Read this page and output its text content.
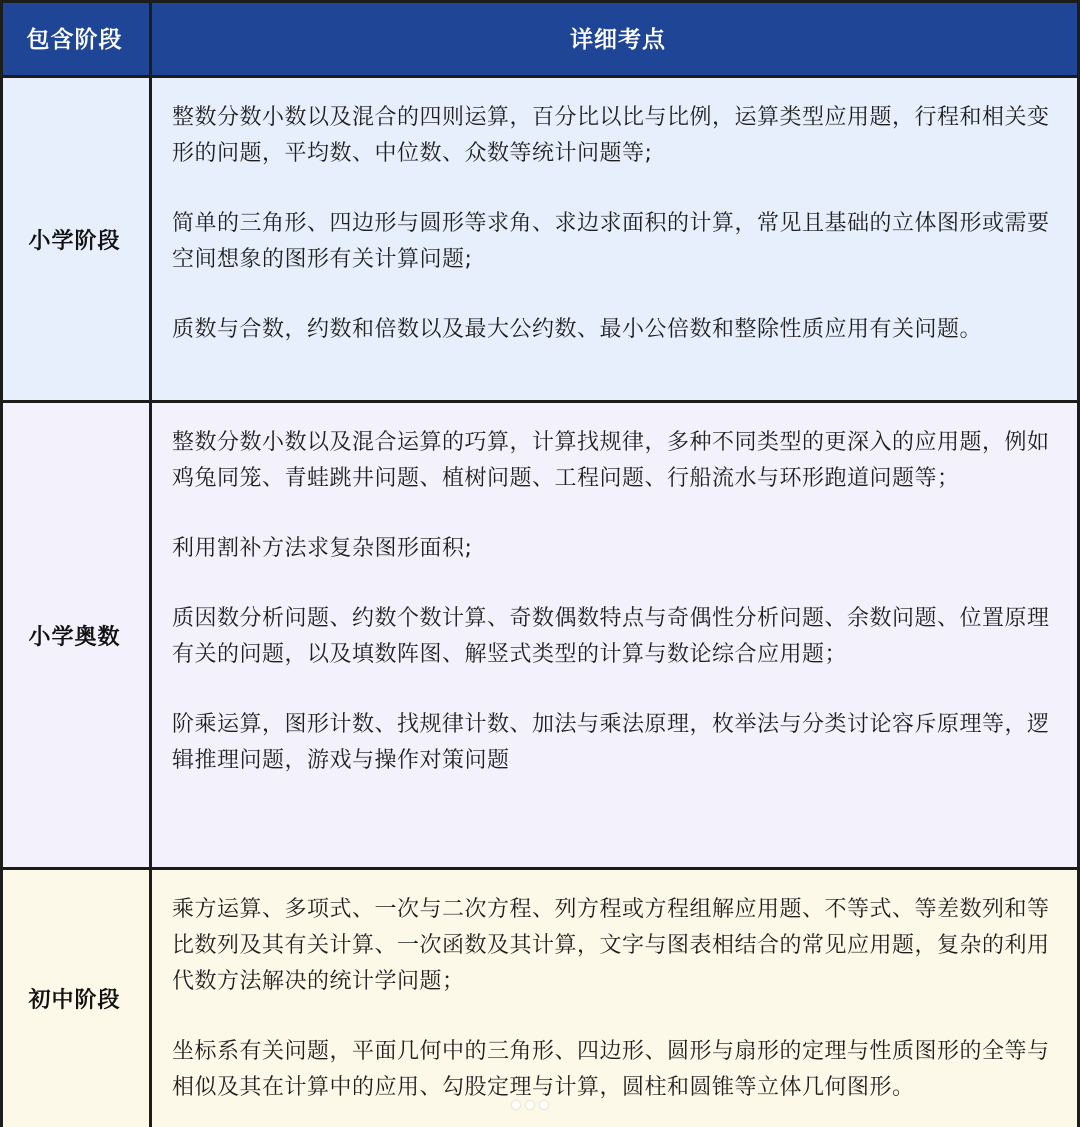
包含阶段	详细考点
小学阶段

整数分数小数以及混合的四则运算，百分比以比与比例，运算类型应用题，行程和相关变形的问题，平均数、中位数、众数等统计问题等;

简单的三角形、四边形与圆形等求角、求边求面积的计算，常见且基础的立体图形或需要空间想象的图形有关计算问题;

质数与合数，约数和倍数以及最大公约数、最小公倍数和整除性质应用有关问题。

小学奥数

整数分数小数以及混合运算的巧算，计算找规律，多种不同类型的更深入的应用题，例如鸡兔同笼、青蛙跳井问题、植树问题、工程问题、行船流水与环形跑道问题等；

利用割补方法求复杂图形面积;

质因数分析问题、约数个数计算、奇数偶数特点与奇偶性分析问题、余数问题、位置原理有关的问题，以及填数阵图、解竖式类型的计算与数论综合应用题；

阶乘运算，图形计数、找规律计数、加法与乘法原理，枚举法与分类讨论容斥原理等，逻辑推理问题，游戏与操作对策问题

初中阶段

乘方运算、多项式、一次与二次方程、列方程或方程组解应用题、不等式、等差数列和等比数列及其有关计算、一次函数及其计算，文字与图表相结合的常见应用题，复杂的利用代数方法解决的统计学问题；

坐标系有关问题，平面几何中的三角形、四边形、圆形与扇形的定理与性质图形的全等与相似及其在计算中的应用、勾股定理与计算，圆柱和圆锥等立体几何图形。
